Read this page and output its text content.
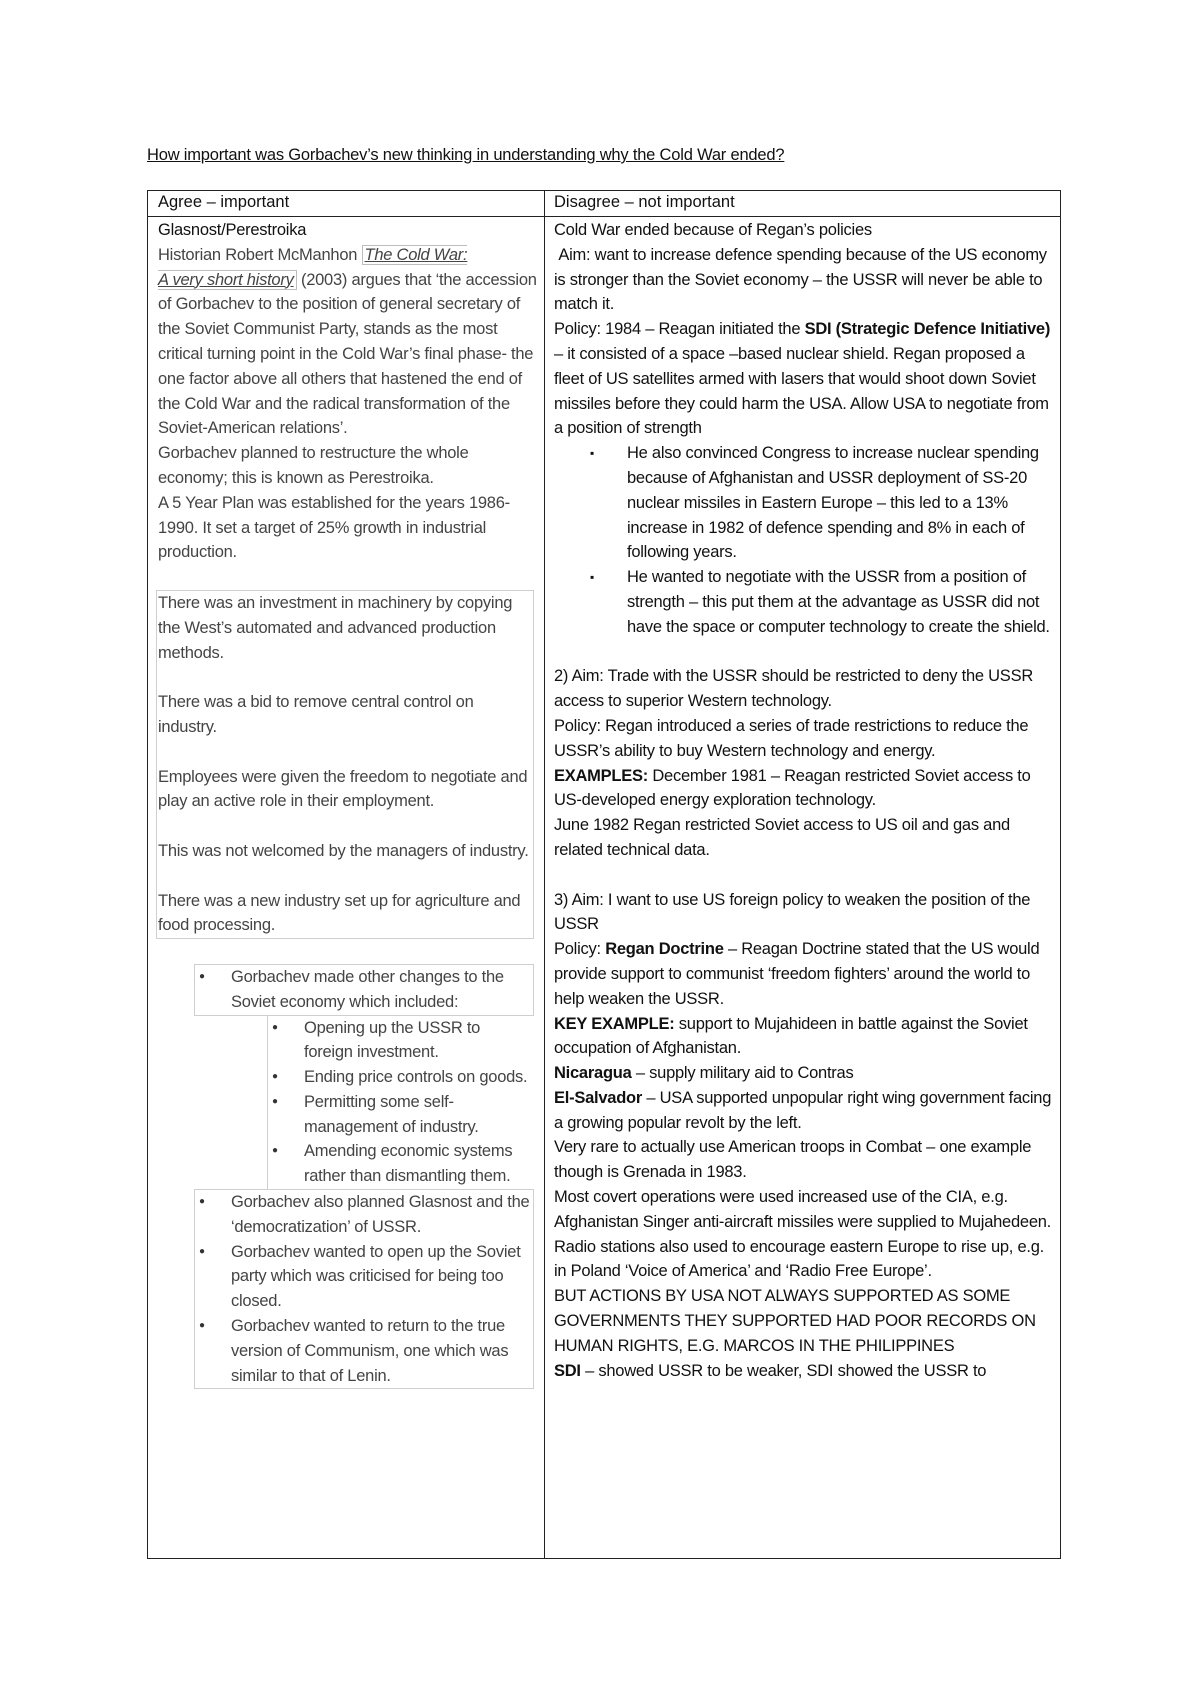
How important was Gorbachev’s new thinking in understanding why the Cold War ended?
Agree – important	Disagree – not important
Glasnost/Perestroika
Historian Robert McManhon The Cold War:
A very short history (2003) argues that ‘the accession of Gorbachev to the position of general secretary of the Soviet Communist Party, stands as the most critical turning point in the Cold War’s final phase- the one factor above all others that hastened the end of the Cold War and the radical transformation of the Soviet-American relations’.
Gorbachev planned to restructure the whole economy; this is known as Perestroika.
A 5 Year Plan was established for the years 1986-1990. It set a target of 25% growth in industrial production.
There was an investment in machinery by copying the West’s automated and advanced production methods.
There was a bid to remove central control on industry.
Employees were given the freedom to negotiate and play an active role in their employment.
This was not welcomed by the managers of industry.
There was a new industry set up for agriculture and food processing.
● Gorbachev made other changes to the Soviet economy which included:
● Opening up the USSR to foreign investment.
● Ending price controls on goods.
● Permitting some self-management of industry.
● Amending economic systems rather than dismantling them.
● Gorbachev also planned Glasnost and the ‘democratization’ of USSR.
● Gorbachev wanted to open up the Soviet party which was criticised for being too closed.
● Gorbachev wanted to return to the true version of Communism, one which was similar to that of Lenin.
Cold War ended because of Regan’s policies
Aim: want to increase defence spending because of the US economy is stronger than the Soviet economy – the USSR will never be able to match it.
Policy: 1984 – Reagan initiated the SDI (Strategic Defence Initiative) – it consisted of a space –based nuclear shield. Regan proposed a fleet of US satellites armed with lasers that would shoot down Soviet missiles before they could harm the USA. Allow USA to negotiate from a position of strength
▪ He also convinced Congress to increase nuclear spending because of Afghanistan and USSR deployment of SS-20 nuclear missiles in Eastern Europe – this led to a 13% increase in 1982 of defence spending and 8% in each of following years.
▪ He wanted to negotiate with the USSR from a position of strength – this put them at the advantage as USSR did not have the space or computer technology to create the shield.
2) Aim: Trade with the USSR should be restricted to deny the USSR access to superior Western technology.
Policy: Regan introduced a series of trade restrictions to reduce the USSR’s ability to buy Western technology and energy.
EXAMPLES: December 1981 – Reagan restricted Soviet access to US-developed energy exploration technology.
June 1982 Regan restricted Soviet access to US oil and gas and related technical data.
3) Aim: I want to use US foreign policy to weaken the position of the USSR
Policy: Regan Doctrine – Reagan Doctrine stated that the US would provide support to communist ‘freedom fighters’ around the world to help weaken the USSR.
KEY EXAMPLE: support to Mujahideen in battle against the Soviet occupation of Afghanistan.
Nicaragua – supply military aid to Contras
El-Salvador – USA supported unpopular right wing government facing a growing popular revolt by the left.
Very rare to actually use American troops in Combat – one example though is Grenada in 1983.
Most covert operations were used increased use of the CIA, e.g. Afghanistan Singer anti-aircraft missiles were supplied to Mujahedeen.
Radio stations also used to encourage eastern Europe to rise up, e.g. in Poland ‘Voice of America’ and ‘Radio Free Europe’.
BUT ACTIONS BY USA NOT ALWAYS SUPPORTED AS SOME GOVERNMENTS THEY SUPPORTED HAD POOR RECORDS ON HUMAN RIGHTS, E.G. MARCOS IN THE PHILIPPINES
SDI – showed USSR to be weaker, SDI showed the USSR to
